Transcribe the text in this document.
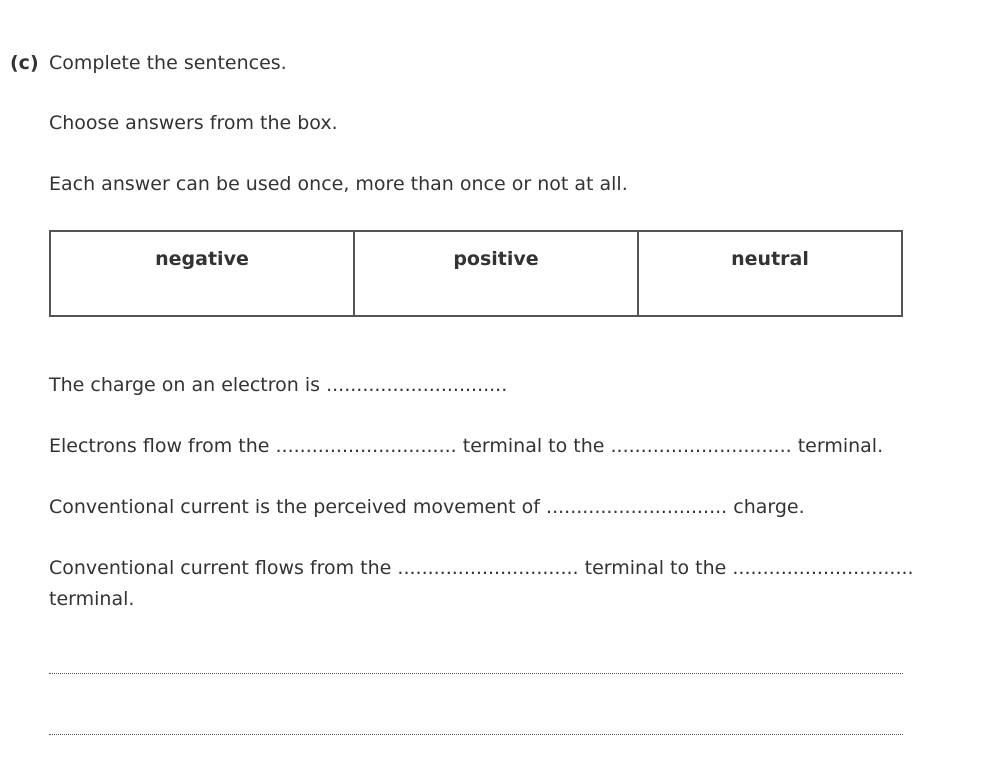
(c) Complete the sentences.
Choose answers from the box.
Each answer can be used once, more than once or not at all.
negative	positive	neutral
The charge on an electron is ..............................
Electrons flow from the .............................. terminal to the .............................. terminal.
Conventional current is the perceived movement of .............................. charge.
Conventional current flows from the .............................. terminal to the ..............................
terminal.
